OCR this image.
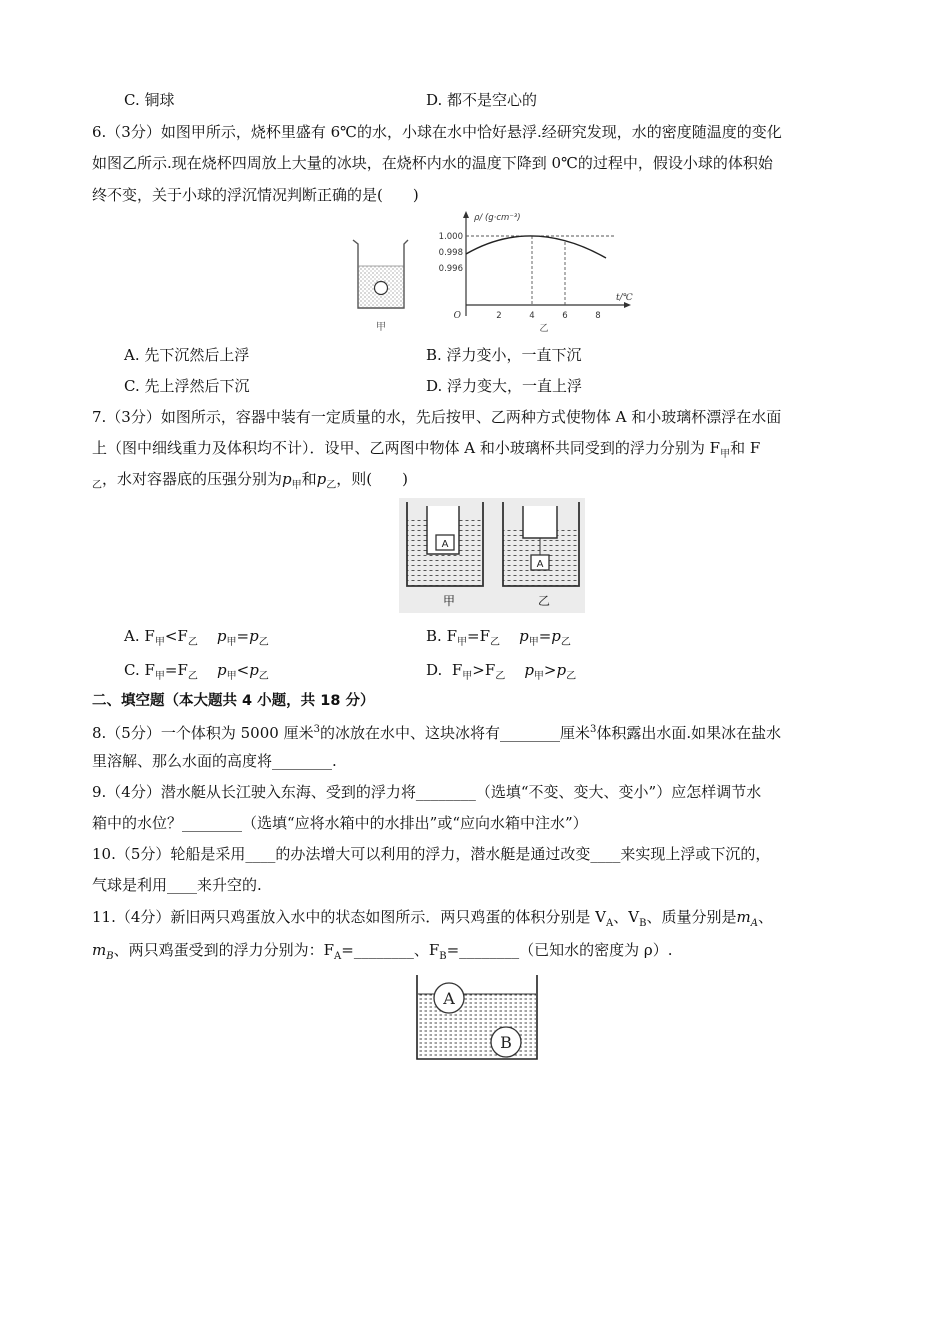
C. 铜球	D. 都不是空心的
6.（3分）如图甲所示，烧杯里盛有 6℃的水，小球在水中恰好悬浮.经研究发现，水的密度随温度的变化
如图乙所示.现在烧杯四周放上大量的冰块，在烧杯内水的温度下降到 0℃的过程中，假设小球的体积始
终不变，关于小球的浮沉情况判断正确的是(　　)
甲
ρ/ (g·cm⁻³)
t/℃
O
1.000
0.998
0.996
2	4	6	8
乙
A. 先下沉然后上浮	B. 浮力变小，一直下沉
C. 先上浮然后下沉	D. 浮力变大，一直上浮
7.（3分）如图所示，容器中装有一定质量的水，先后按甲、乙两种方式使物体 A 和小玻璃杯漂浮在水面
上（图中细线重力及体积均不计）．设甲、乙两图中物体 A 和小玻璃杯共同受到的浮力分别为 $F_甲$和 F
$_乙$，水对容器底的压强分别为$p_甲$和$p_乙$，则(　　)
A
A
甲	乙
A. $F_甲<F_乙$ $p_甲=p_乙$	B. $F_甲=F_乙$ $p_甲=p_乙$
C. $F_甲=F_乙$ $p_甲<p_乙$	D. $F_甲>F_乙$ $p_甲>p_乙$
二、填空题（本大题共 4 小题，共 18 分）
8.（5分）一个体积为 5000 厘米$^3$的冰放在水中、这块冰将有________厘米$^3$体积露出水面.如果冰在盐水
里溶解、那么水面的高度将________.
9.（4分）潜水艇从长江驶入东海、受到的浮力将________（选填“不变、变大、变小”）应怎样调节水
箱中的水位？________（选填“应将水箱中的水排出”或“应向水箱中注水”）
10.（5分）轮船是采用____的办法增大可以利用的浮力，潜水艇是通过改变____来实现上浮或下沉的，
气球是利用____来升空的.
11.（4分）新旧两只鸡蛋放入水中的状态如图所示．两只鸡蛋的体积分别是 $V_A$、$V_B$、质量分别是$m_A$、
$m_B$、两只鸡蛋受到的浮力分别为：$F_A=\_\_\_\_\_\_\_\_$、$F_B=\_\_\_\_\_\_\_\_$（已知水的密度为 ρ）.
A
B
